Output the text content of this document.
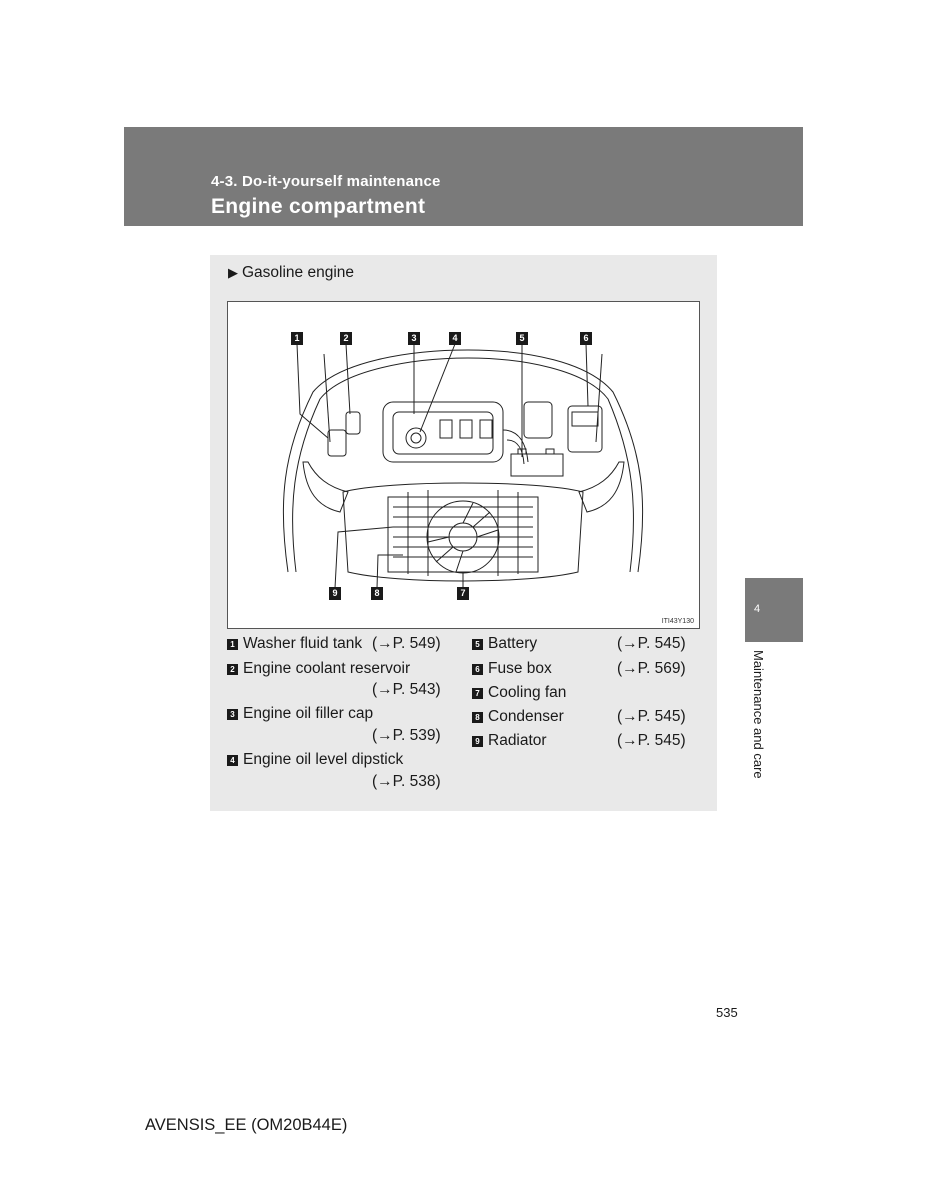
4-3. Do-it-yourself maintenance
Engine compartment
▶ Gasoline engine
1	2	3	4	5	6
9	8	7
ITI43Y130
1 Washer fluid tank (→P. 549)
2 Engine coolant reservoir
(→P. 543)
3 Engine oil filler cap
(→P. 539)
4 Engine oil level dipstick
(→P. 538)
5 Battery	(→P. 545)
6 Fuse box	(→P. 569)
7 Cooling fan
8 Condenser	(→P. 545)
9 Radiator	(→P. 545)
4
Maintenance and care
535
AVENSIS_EE (OM20B44E)
